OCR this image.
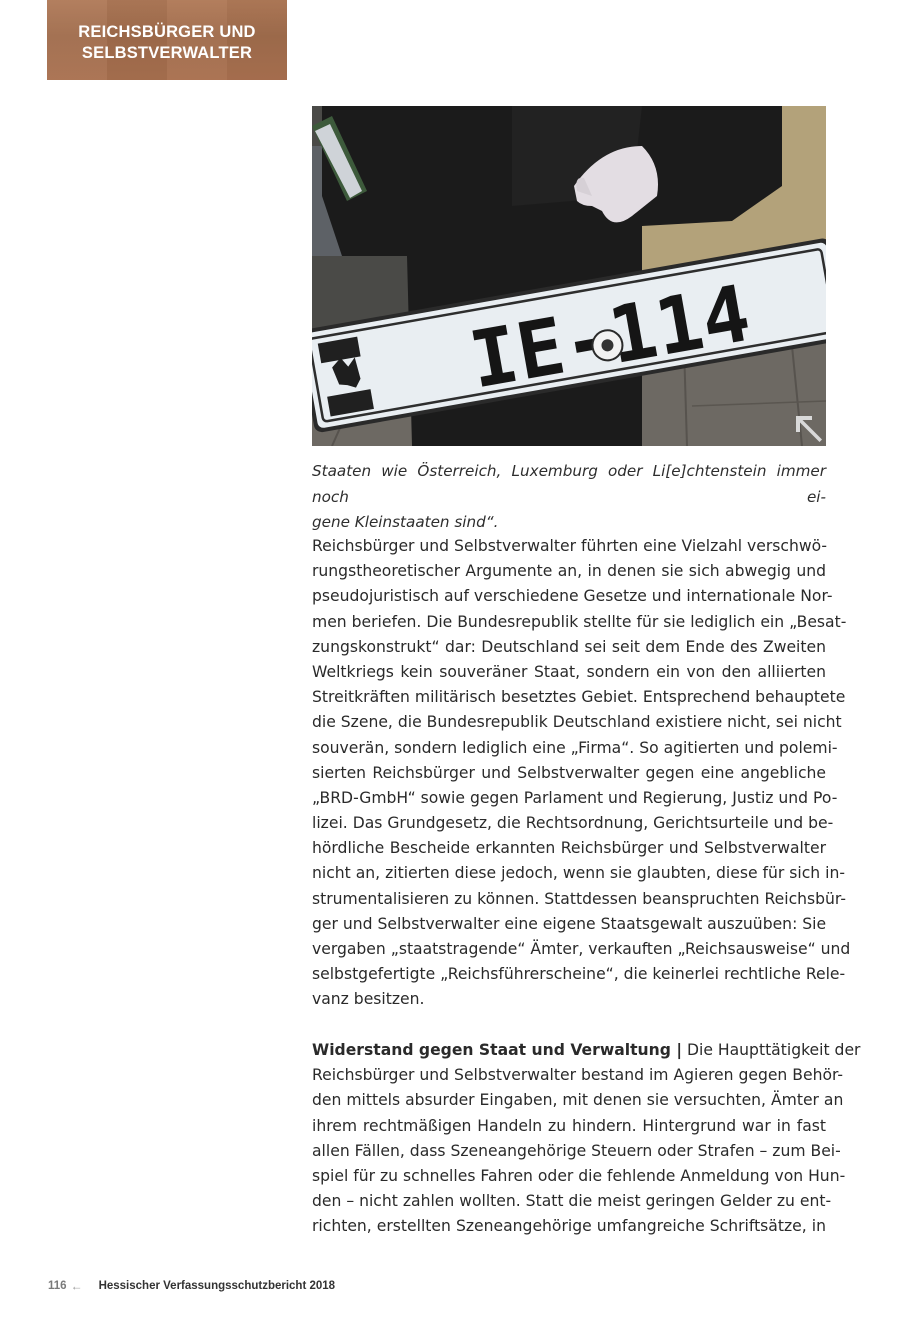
REICHSBÜRGER UND
SELBSTVERWALTER
Staaten wie Österreich, Luxemburg oder Li[e]chtenstein immer noch ei-
gene Kleinstaaten sind“.
Reichsbürger und Selbstverwalter führten eine Vielzahl verschwö-
rungstheoretischer Argumente an, in denen sie sich abwegig und
pseudojuristisch auf verschiedene Gesetze und internationale Nor-
men beriefen. Die Bundesrepublik stellte für sie lediglich ein „Besat-
zungskonstrukt“ dar: Deutschland sei seit dem Ende des Zweiten
Weltkriegs kein souveräner Staat, sondern ein von den alliierten
Streitkräften militärisch besetztes Gebiet. Entsprechend behauptete
die Szene, die Bundesrepublik Deutschland existiere nicht, sei nicht
souverän, sondern lediglich eine „Firma“. So agitierten und polemi-
sierten Reichsbürger und Selbstverwalter gegen eine angebliche
„BRD-GmbH“ sowie gegen Parlament und Regierung, Justiz und Po-
lizei. Das Grundgesetz, die Rechtsordnung, Gerichtsurteile und be-
hördliche Bescheide erkannten Reichsbürger und Selbstverwalter
nicht an, zitierten diese jedoch, wenn sie glaubten, diese für sich in-
strumentalisieren zu können. Stattdessen beanspruchten Reichsbür-
ger und Selbstverwalter eine eigene Staatsgewalt auszuüben: Sie
vergaben „staatstragende“ Ämter, verkauften „Reichsausweise“ und
selbstgefertigte „Reichsführerscheine“, die keinerlei rechtliche Rele-
vanz besitzen.
Widerstand gegen Staat und Verwaltung | Die Haupttätigkeit der
Reichsbürger und Selbstverwalter bestand im Agieren gegen Behör-
den mittels absurder Eingaben, mit denen sie versuchten, Ämter an
ihrem rechtmäßigen Handeln zu hindern. Hintergrund war in fast
allen Fällen, dass Szeneangehörige Steuern oder Strafen – zum Bei-
spiel für zu schnelles Fahren oder die fehlende Anmeldung von Hun-
den – nicht zahlen wollten. Statt die meist geringen Gelder zu ent-
richten, erstellten Szeneangehörige umfangreiche Schriftsätze, in
116 ← Hessischer Verfassungsschutzbericht 2018
